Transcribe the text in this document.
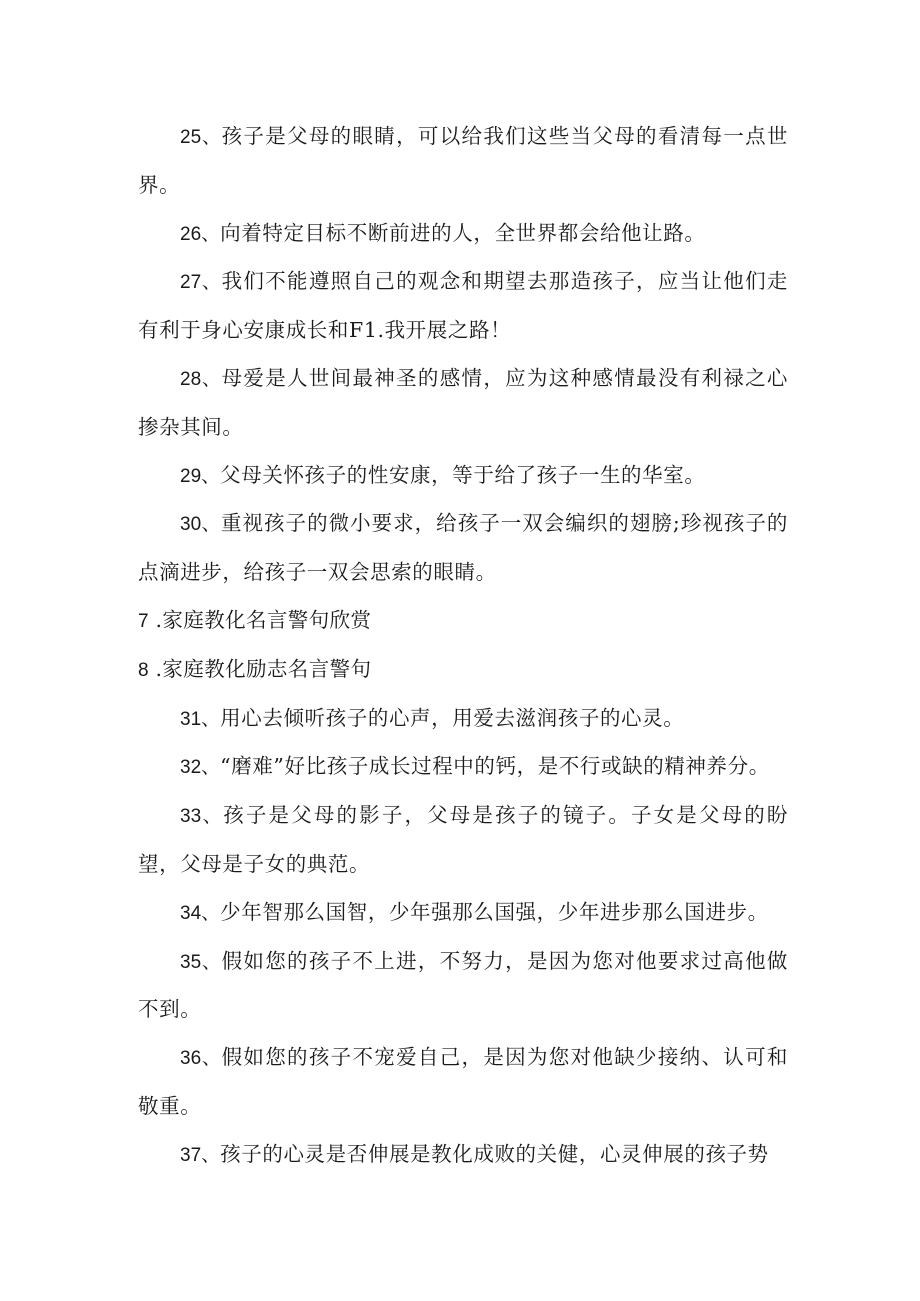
25、孩子是父母的眼睛，可以给我们这些当父母的看清每一点世界。

26、向着特定目标不断前进的人，全世界都会给他让路。

27、我们不能遵照自己的观念和期望去那造孩子，应当让他们走有利于身心安康成长和F1.我开展之路！

28、母爱是人世间最神圣的感情，应为这种感情最没有利禄之心掺杂其间。

29、父母关怀孩子的性安康，等于给了孩子一生的华室。

30、重视孩子的微小要求，给孩子一双会编织的翅膀;珍视孩子的点滴进步，给孩子一双会思索的眼睛。

7 .家庭教化名言警句欣赏

8 .家庭教化励志名言警句

31、用心去倾听孩子的心声，用爱去滋润孩子的心灵。

32、“磨难”好比孩子成长过程中的钙，是不行或缺的精神养分。

33、孩子是父母的影子，父母是孩子的镜子。子女是父母的盼望，父母是子女的典范。

34、少年智那么国智，少年强那么国强，少年进步那么国进步。

35、假如您的孩子不上进，不努力，是因为您对他要求过高他做不到。

36、假如您的孩子不宠爱自己，是因为您对他缺少接纳、认可和敬重。

37、孩子的心灵是否伸展是教化成败的关健，心灵伸展的孩子势
